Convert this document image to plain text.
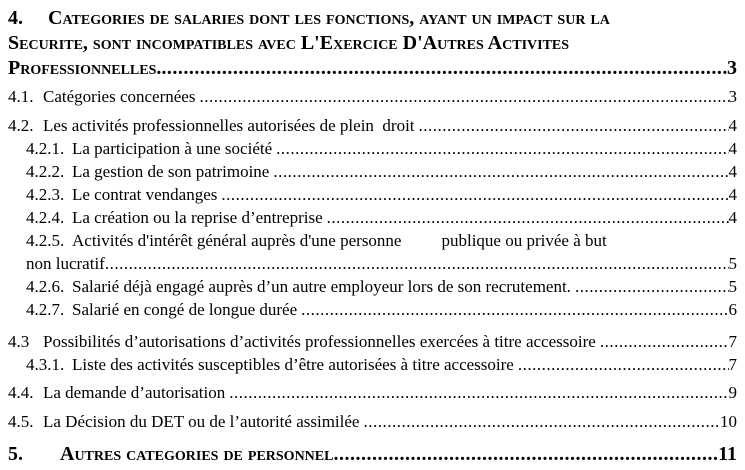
4.	Categories de salaries dont les fonctions, ayant un impact sur la
Securite, sont incompatibles avec L'Exercice D'Autres Activites
Professionnelles. .....	3
4.1. Catégories concernées .....	3
4.2. Les activités professionnelles autorisées de plein  droit .....	4
4.2.1. La participation à une société .....	4
4.2.2. La gestion de son patrimoine .....	4
4.2.3. Le contrat vendanges .....	4
4.2.4. La création ou la reprise d’entreprise .....	4
4.2.5. Activités d'intérêt général auprès d'une personne publique ou privée à but
non lucratif .....	5
4.2.6. Salarié déjà engagé auprès d’un autre employeur lors de son recrutement. .....	5
4.2.7. Salarié en congé de longue durée .....	6
4.3 Possibilités d’autorisations d’activités professionnelles exercées à titre accessoire .....	7
4.3.1. Liste des activités susceptibles d’être autorisées à titre accessoire .....	7
4.4. La demande d’autorisation .....	9
4.5. La Décision du DET ou de l’autorité assimilée .....	10
5.	Autres categories de personnel .....	11
